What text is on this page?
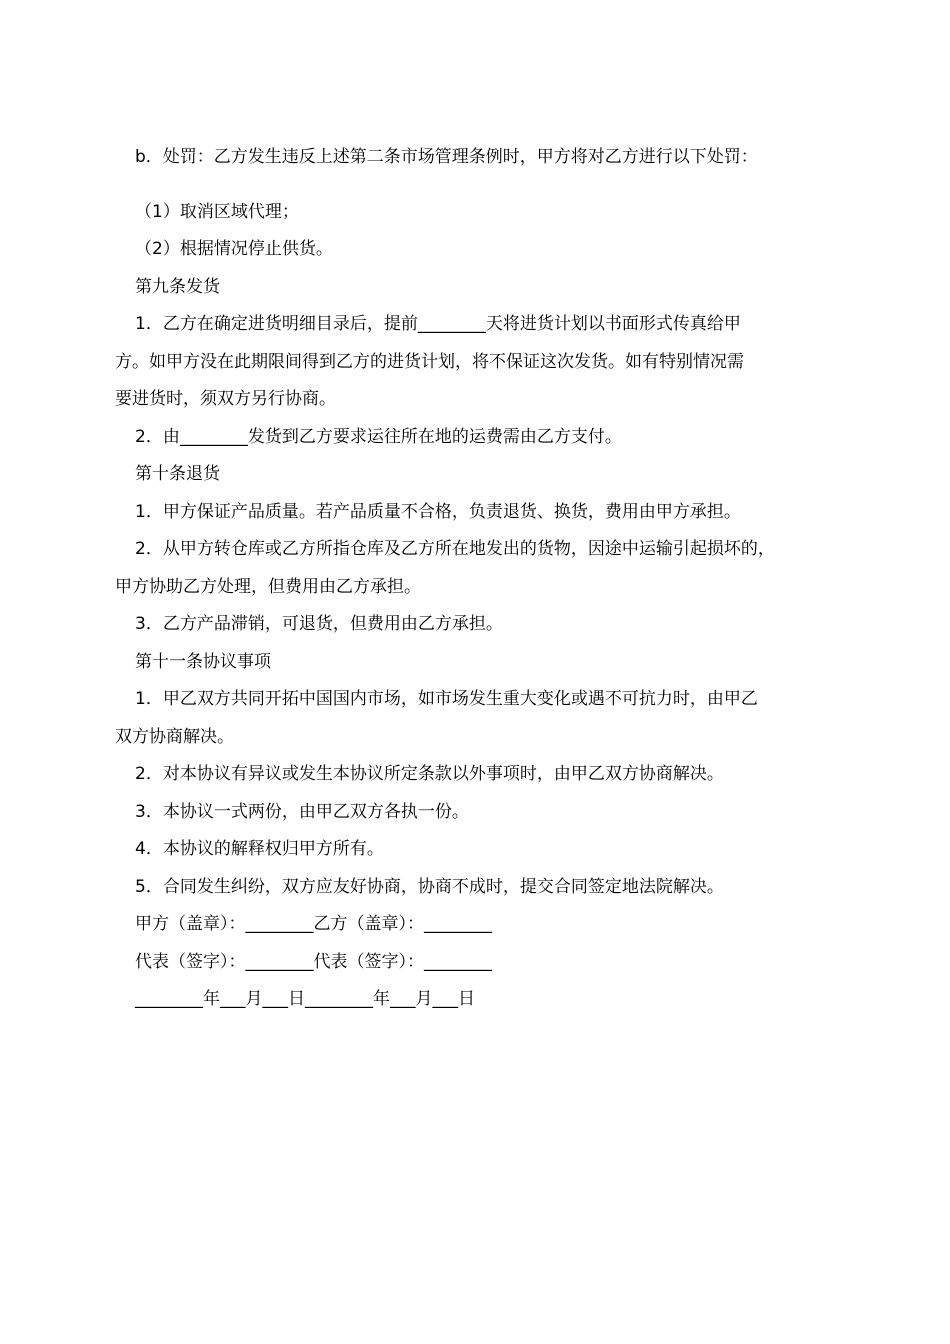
b．处罚：乙方发生违反上述第二条市场管理条例时，甲方将对乙方进行以下处罚：

（1）取消区域代理；

（2）根据情况停止供货。

第九条发货

1．乙方在确定进货明细目录后，提前________天将进货计划以书面形式传真给甲

方。如甲方没在此期限间得到乙方的进货计划，将不保证这次发货。如有特别情况需

要进货时，须双方另行协商。

2．由________发货到乙方要求运往所在地的运费需由乙方支付。

第十条退货

1．甲方保证产品质量。若产品质量不合格，负责退货、换货，费用由甲方承担。

2．从甲方转仓库或乙方所指仓库及乙方所在地发出的货物，因途中运输引起损坏的，

甲方协助乙方处理，但费用由乙方承担。

3．乙方产品滞销，可退货，但费用由乙方承担。

第十一条协议事项

1．甲乙双方共同开拓中国国内市场，如市场发生重大变化或遇不可抗力时，由甲乙

双方协商解决。

2．对本协议有异议或发生本协议所定条款以外事项时，由甲乙双方协商解决。

3．本协议一式两份，由甲乙双方各执一份。

4．本协议的解释权归甲方所有。

5．合同发生纠纷，双方应友好协商，协商不成时，提交合同签定地法院解决。

甲方（盖章）：________乙方（盖章）：________

代表（签字）：________代表（签字）：________

________年___月___日________年___月___日
